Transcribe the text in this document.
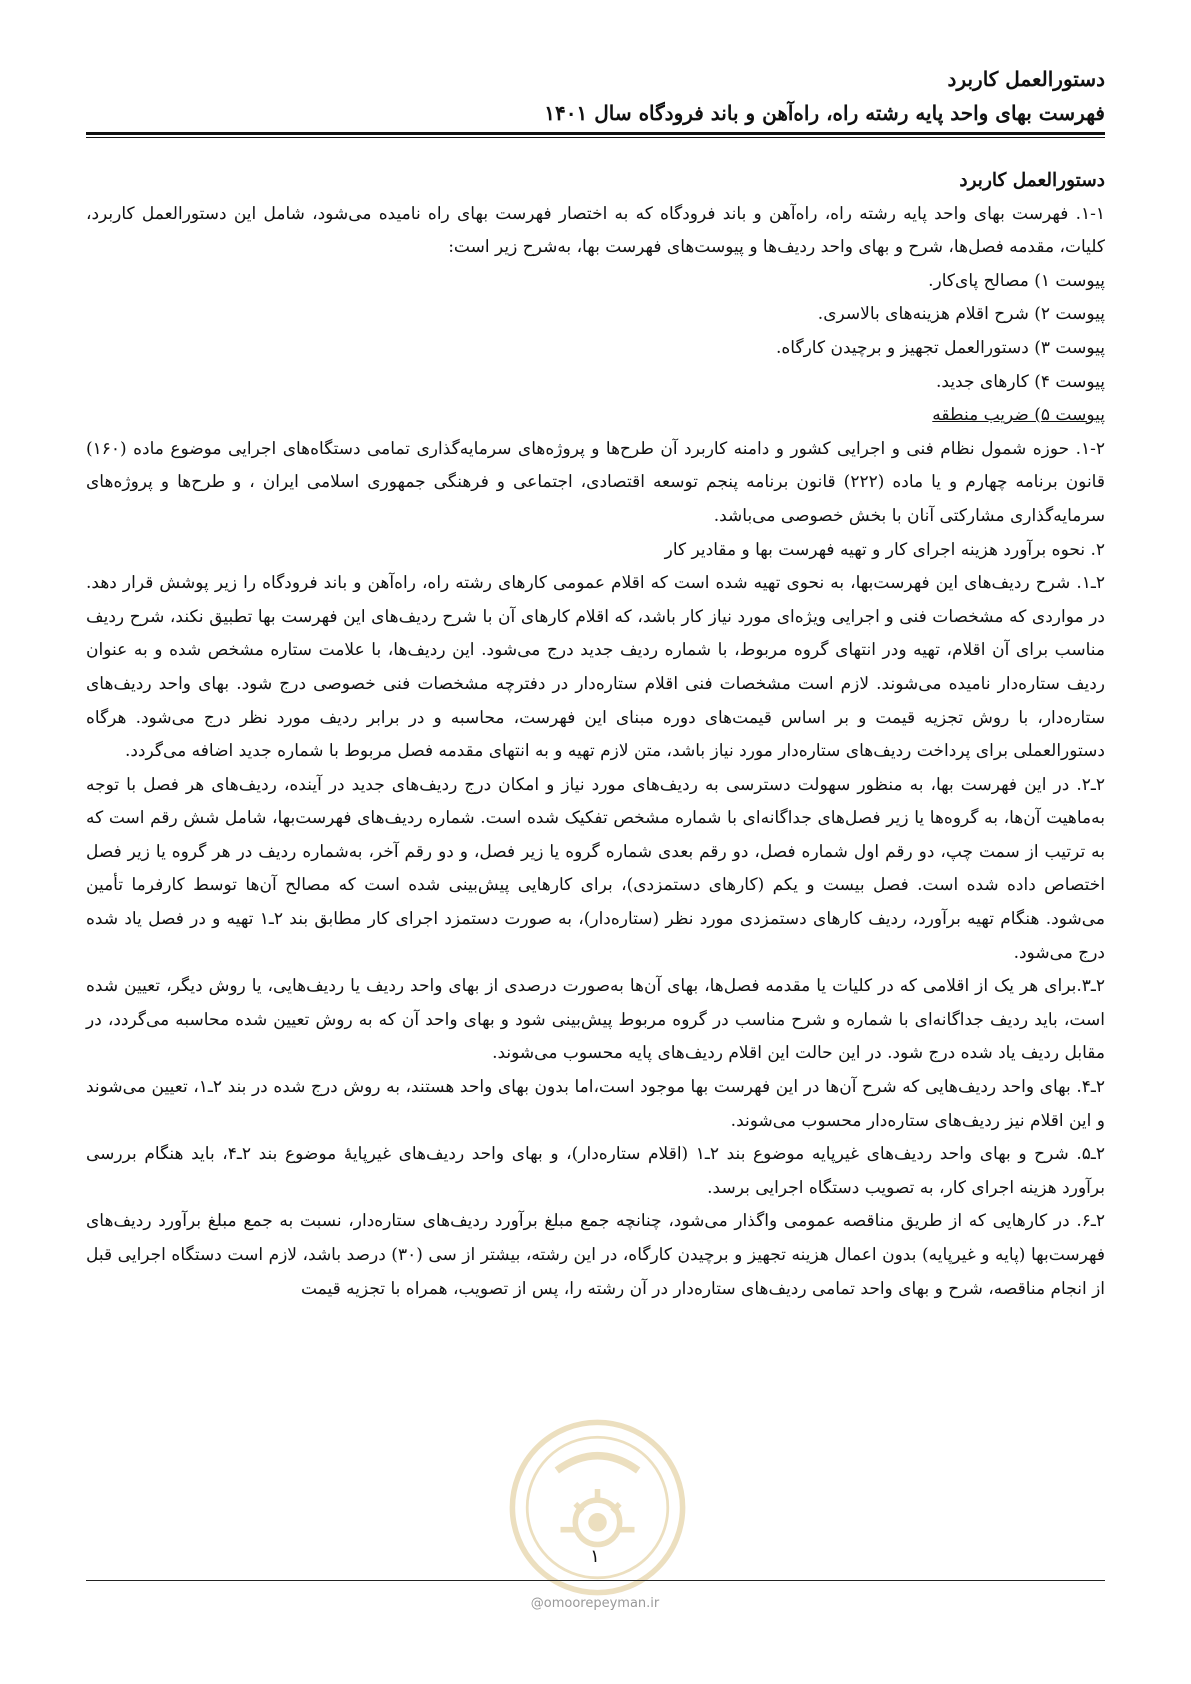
دستورالعمل کاربرد
فهرست بهای واحد پایه رشته راه، راه‌آهن و باند فرودگاه سال ۱۴۰۱

دستورالعمل کاربرد

۱-۱. فهرست بهای واحد پایه رشته راه، راه‌آهن و باند فرودگاه که به اختصار فهرست بهای راه نامیده می‌شود، شامل این دستورالعمل کاربرد، کلیات، مقدمه فصل‌ها، شرح و بهای واحد ردیف‌ها و پیوست‌های فهرست بها، به‌شرح زیر است:

پیوست ۱) مصالح پای‌کار.

پیوست ۲) شرح اقلام هزینه‌های بالاسری.

پیوست ۳) دستورالعمل تجهیز و برچیدن کارگاه.

پیوست ۴) کارهای جدید.

پیوست ۵) ضریب منطقه

۱-۲. حوزه شمول نظام فنی و اجرایی کشور و دامنه کاربرد آن طرح‌ها و پروژه‌های سرمایه‌گذاری تمامی دستگاه‌های اجرایی موضوع ماده (۱۶۰) قانون برنامه چهارم و یا ماده (۲۲۲) قانون برنامه پنجم توسعه اقتصادی، اجتماعی و فرهنگی جمهوری اسلامی ایران ، و طرح‌ها و پروژه‌های سرمایه‌گذاری مشارکتی آنان با بخش خصوصی می‌باشد.

۲. نحوه برآورد هزینه اجرای کار و تهیه فهرست بها و مقادیر کار

۲ـ۱. شرح ردیف‌های این فهرست‌بها، به نحوی تهیه شده است که اقلام عمومی کارهای رشته راه، راه‌آهن و باند فرودگاه را زیر پوشش قرار دهد. در مواردی که مشخصات فنی و اجرایی ویژه‌ای مورد نیاز کار باشد، که اقلام کارهای آن با شرح ردیف‌های این فهرست بها تطبیق نکند، شرح ردیف مناسب برای آن اقلام، تهیه ودر انتهای گروه مربوط، با شماره ردیف جدید درج می‌شود. این ردیف‌ها، با علامت ستاره مشخص شده و به عنوان ردیف ستاره‌دار نامیده می‌شوند. لازم است مشخصات فنی اقلام ستاره‌دار در دفترچه مشخصات فنی خصوصی درج شود. بهای واحد ردیف‌های ستاره‌دار، با روش تجزیه قیمت و بر اساس قیمت‌های دوره مبنای این فهرست، محاسبه و در برابر ردیف مورد نظر درج می‌شود. هرگاه دستورالعملی برای پرداخت ردیف‌های ستاره‌دار مورد نیاز باشد، متن لازم تهیه و به انتهای مقدمه فصل مربوط با شماره جدید اضافه می‌گردد.

۲ـ۲. در این فهرست بها، به منظور سهولت دسترسی به ردیف‌های مورد نیاز و امکان درج ردیف‌های جدید در آینده، ردیف‌های هر فصل با توجه به‌ماهیت آن‌ها، به گروه‌ها یا زیر فصل‌های جداگانه‌ای با شماره مشخص تفکیک شده است. شماره ردیف‌های فهرست‌بها، شامل شش رقم است که به ترتیب از سمت چپ، دو رقم اول شماره فصل، دو رقم بعدی شماره گروه یا زیر فصل، و دو رقم آخر، به‌شماره ردیف در هر گروه یا زیر فصل اختصاص داده شده است. فصل بیست و یکم (کارهای دستمزدی)، برای کارهایی پیش‌بینی شده است که مصالح آن‌ها توسط کارفرما تأمین می‌شود. هنگام تهیه برآورد، ردیف کارهای دستمزدی مورد نظر (ستاره‌دار)، به صورت دستمزد اجرای کار مطابق بند ۲ـ۱ تهیه و در فصل یاد شده درج می‌شود.

۲ـ۳.برای هر یک از اقلامی که در کلیات یا مقدمه فصل‌ها، بهای آن‌ها به‌صورت درصدی از بهای واحد ردیف یا ردیف‌هایی، یا روش دیگر، تعیین شده است، باید ردیف جداگانه‌ای با شماره و شرح مناسب در گروه مربوط پیش‌بینی شود و بهای واحد آن که به روش تعیین شده محاسبه می‌گردد، در مقابل ردیف یاد شده درج شود. در این حالت این اقلام ردیف‌های پایه محسوب می‌شوند.

۲ـ۴. بهای واحد ردیف‌هایی که شرح آن‌ها در این فهرست بها موجود است،اما بدون بهای واحد هستند، به روش درج شده در بند ۲ـ۱، تعیین می‌شوند و این اقلام نیز ردیف‌های ستاره‌دار محسوب می‌شوند.

۲ـ۵. شرح و بهای واحد ردیف‌های غیرپایه موضوع بند ۲ـ۱ (اقلام ستاره‌دار)، و بهای واحد ردیف‌های غیرپایهٔ موضوع بند ۲ـ۴، باید هنگام بررسی برآورد هزینه اجرای کار، به تصویب دستگاه اجرایی برسد.

۲ـ۶. در کارهایی که از طریق مناقصه عمومی واگذار می‌شود، چنانچه جمع مبلغ برآورد ردیف‌های ستاره‌دار، نسبت به جمع مبلغ برآورد ردیف‌های فهرست‌بها (پایه و غیرپایه) بدون اعمال هزینه تجهیز و برچیدن کارگاه، در این رشته، بیشتر از سی (۳۰) درصد باشد، لازم است دستگاه اجرایی قبل از انجام مناقصه، شرح و بهای واحد تمامی ردیف‌های ستاره‌دار در آن رشته را، پس از تصویب، همراه با تجزیه قیمت

۱
@omoorepeyman.ir
